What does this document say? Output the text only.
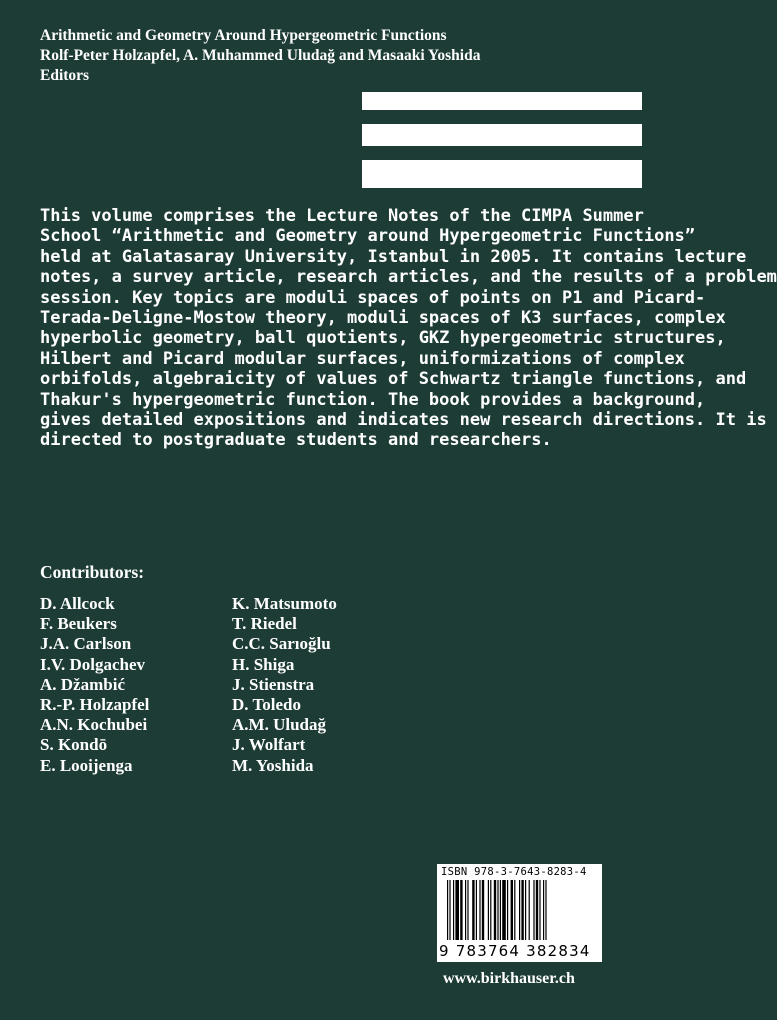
Arithmetic and Geometry Around Hypergeometric Functions
Rolf-Peter Holzapfel, A. Muhammed Uludağ and Masaaki Yoshida
Editors
This volume comprises the Lecture Notes of the CIMPA Summer
School “Arithmetic and Geometry around Hypergeometric Functions”
held at Galatasaray University, Istanbul in 2005. It contains lecture
notes, a survey article, research articles, and the results of a problem
session. Key topics are moduli spaces of points on P1 and Picard-
Terada-Deligne-Mostow theory, moduli spaces of K3 surfaces, complex
hyperbolic geometry, ball quotients, GKZ hypergeometric structures,
Hilbert and Picard modular surfaces, uniformizations of complex
orbifolds, algebraicity of values of Schwartz triangle functions, and
Thakur's hypergeometric function. The book provides a background,
gives detailed expositions and indicates new research directions. It is
directed to postgraduate students and researchers.
Contributors:
D. Allcock
F. Beukers
J.A. Carlson
I.V. Dolgachev
A. Džambić
R.-P. Holzapfel
A.N. Kochubei
S. Kondō
E. Looijenga
K. Matsumoto
T. Riedel
C.C. Sarıoğlu
H. Shiga
J. Stienstra
D. Toledo
A.M. Uludağ
J. Wolfart
M. Yoshida
ISBN 978-3-7643-8283-4
9 783764 382834
www.birkhauser.ch
